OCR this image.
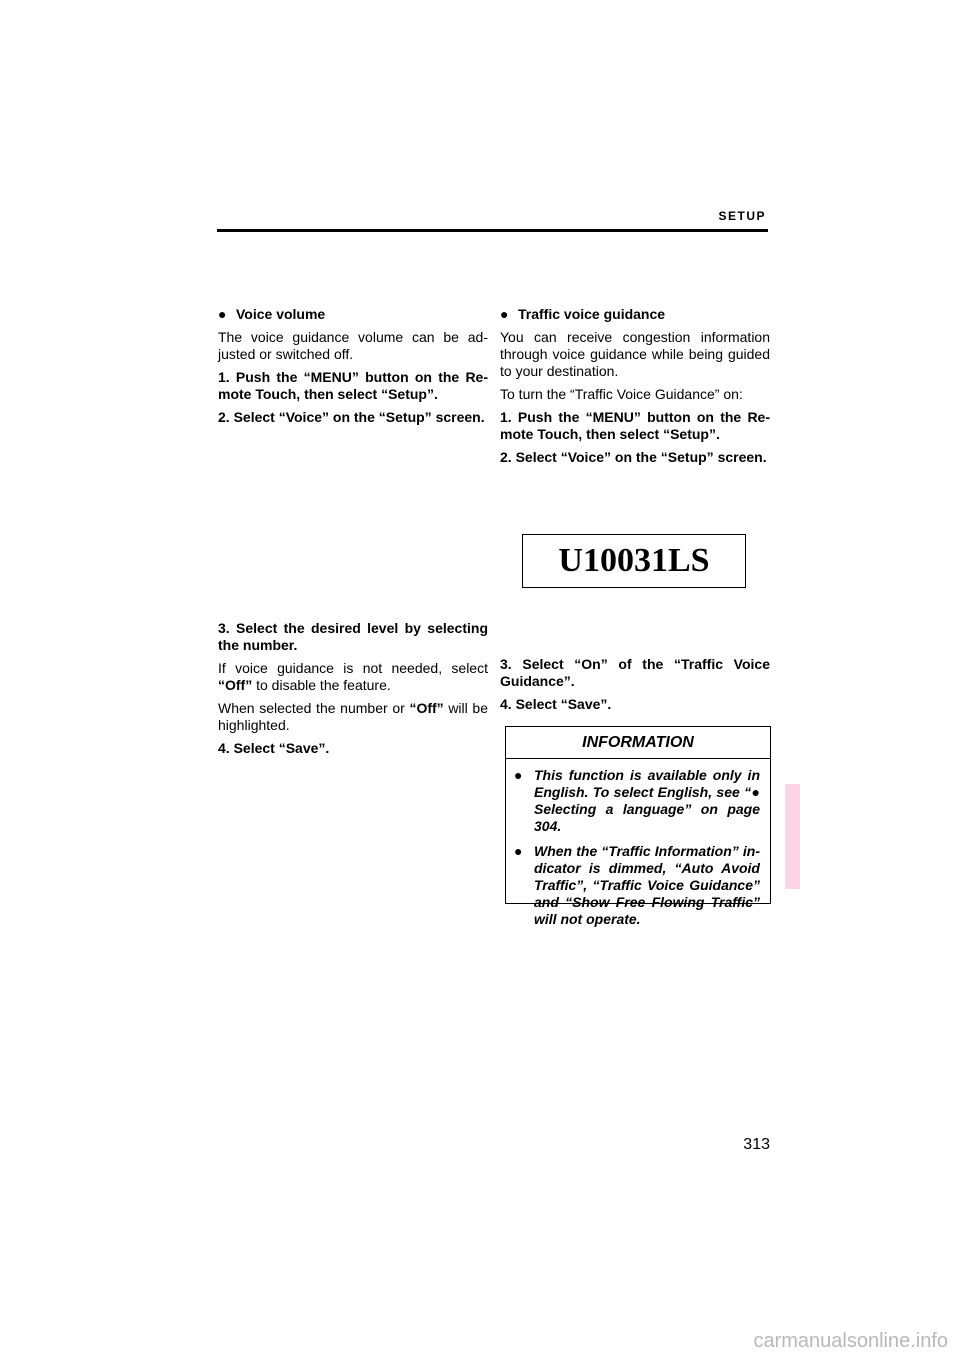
SETUP

● Voice volume

The voice guidance volume can be ad-justed or switched off.

1. Push the “MENU” button on the Re-mote Touch, then select “Setup”.

2. Select “Voice” on the “Setup” screen.

3. Select the desired level by selecting the number.

If voice guidance is not needed, select “Off” to disable the feature.

When selected the number or “Off” will be highlighted.

4. Select “Save”.

● Traffic voice guidance

You can receive congestion information through voice guidance while being guided to your destination.

To turn the “Traffic Voice Guidance” on:

1. Push the “MENU” button on the Re-mote Touch, then select “Setup”.

2. Select “Voice” on the “Setup” screen.

U10031LS

3. Select “On” of the “Traffic Voice Guidance”.

4. Select “Save”.

INFORMATION
● This function is available only in English. To select English, see “● Selecting a language” on page 304.
● When the “Traffic Information” in-dicator is dimmed, “Auto Avoid Traffic”, “Traffic Voice Guidance” and “Show Free Flowing Traffic” will not operate.
313
carmanualsonline.info
